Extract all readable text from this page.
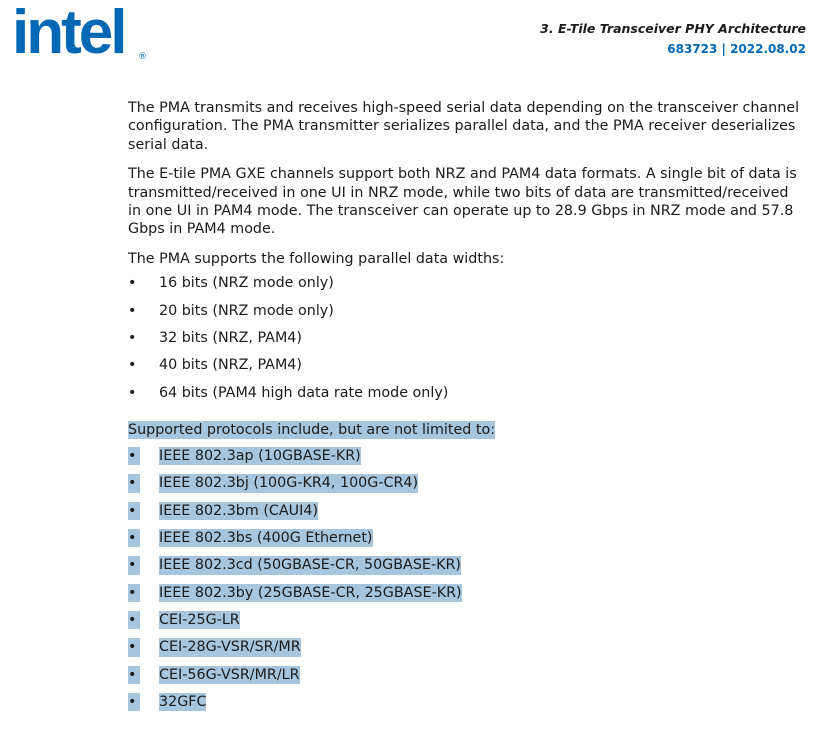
intel ®
3. E-Tile Transceiver PHY Architecture
683723 | 2022.08.02

The PMA transmits and receives high-speed serial data depending on the transceiver channel configuration. The PMA transmitter serializes parallel data, and the PMA receiver deserializes serial data.

The E-tile PMA GXE channels support both NRZ and PAM4 data formats. A single bit of data is transmitted/received in one UI in NRZ mode, while two bits of data are transmitted/received in one UI in PAM4 mode. The transceiver can operate up to 28.9 Gbps in NRZ mode and 57.8 Gbps in PAM4 mode.

The PMA supports the following parallel data widths:

• 16 bits (NRZ mode only)
• 20 bits (NRZ mode only)
• 32 bits (NRZ, PAM4)
• 40 bits (NRZ, PAM4)
• 64 bits (PAM4 high data rate mode only)
Supported protocols include, but are not limited to:
• IEEE 802.3ap (10GBASE-KR)
• IEEE 802.3bj (100G-KR4, 100G-CR4)
• IEEE 802.3bm (CAUI4)
• IEEE 802.3bs (400G Ethernet)
• IEEE 802.3cd (50GBASE-CR, 50GBASE-KR)
• IEEE 802.3by (25GBASE-CR, 25GBASE-KR)
• CEI-25G-LR
• CEI-28G-VSR/SR/MR
• CEI-56G-VSR/MR/LR
• 32GFC
